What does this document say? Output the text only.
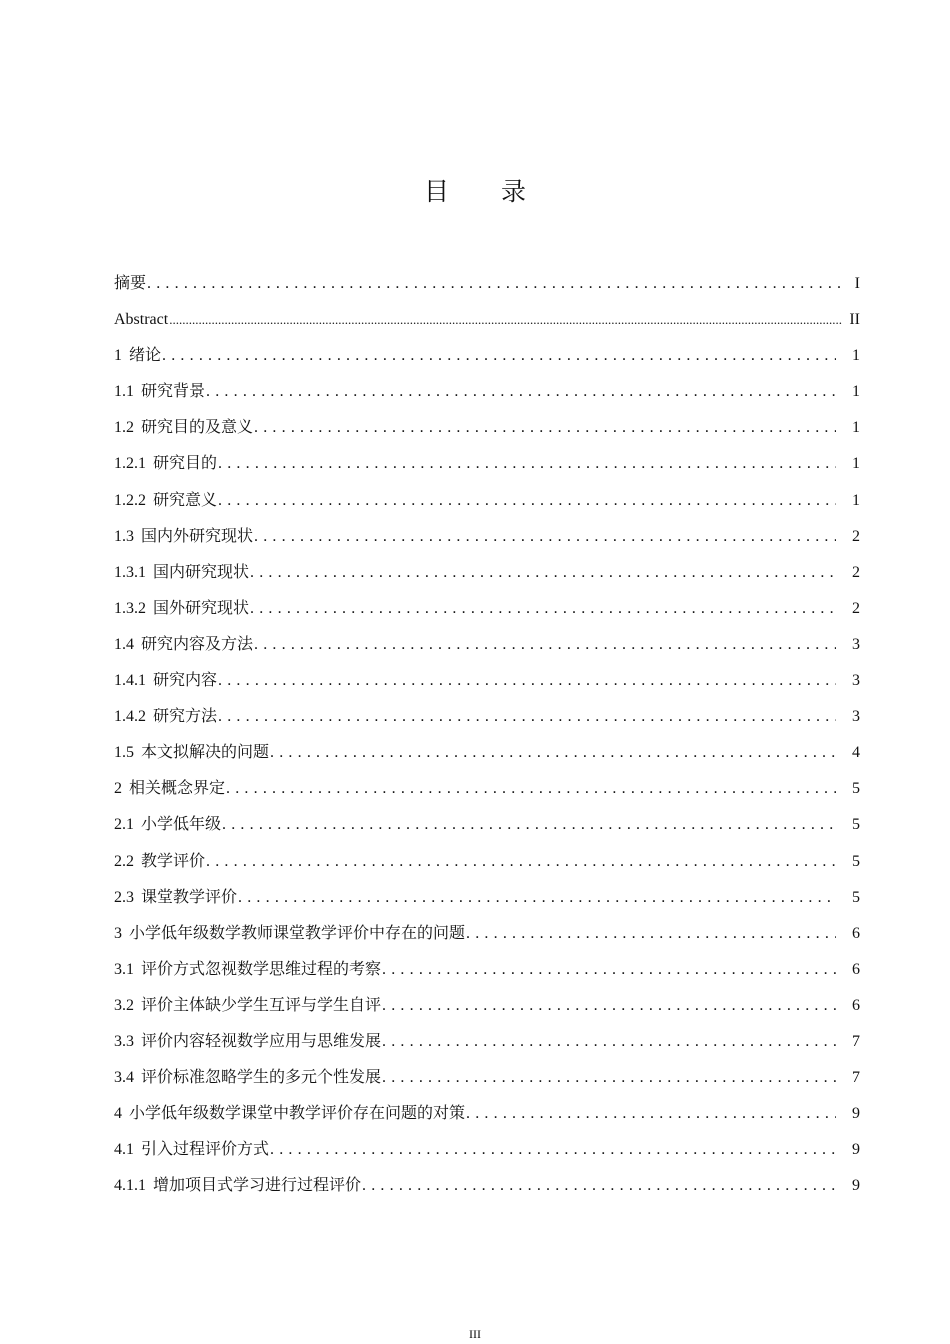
目 录
摘要 . . .	I
Abstract .....	II
1 绪论 . . .	1
1.1 研究背景 . . .	1
1.2 研究目的及意义 . . .	1
1.2.1 研究目的 . . .	1
1.2.2 研究意义 . . .	1
1.3 国内外研究现状 . . .	2
1.3.1 国内研究现状 . . .	2
1.3.2 国外研究现状 . . .	2
1.4 研究内容及方法 . . .	3
1.4.1 研究内容 . . .	3
1.4.2 研究方法 . . .	3
1.5 本文拟解决的问题 . . .	4
2 相关概念界定 . . .	5
2.1 小学低年级 . . .	5
2.2 教学评价 . . .	5
2.3 课堂教学评价 . . .	5
3 小学低年级数学教师课堂教学评价中存在的问题 . . .	6
3.1 评价方式忽视数学思维过程的考察 . . .	6
3.2 评价主体缺少学生互评与学生自评 . . .	6
3.3 评价内容轻视数学应用与思维发展 . . .	7
3.4 评价标准忽略学生的多元个性发展 . . .	7
4 小学低年级数学课堂中教学评价存在问题的对策 . . .	9
4.1 引入过程评价方式 . . .	9
4.1.1 增加项目式学习进行过程评价 . . .	9
III
